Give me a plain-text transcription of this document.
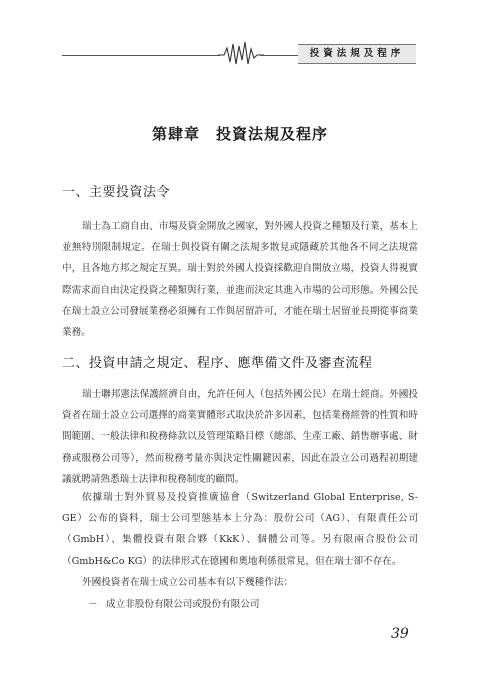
投資法規及程序
第肆章　投資法規及程序
一、主要投資法令

瑞士為工商自由、市場及資金開放之國家，對外國人投資之種類及行業，基本上並無特別限制規定。在瑞士與投資有關之法規多散見或隱藏於其他各不同之法規當中，且各地方邦之規定互異。瑞士對於外國人投資採歡迎自開放立場，投資人得視實際需求而自由決定投資之種類與行業，並進而決定其進入市場的公司形態。外國公民在瑞士設立公司發展業務必須擁有工作與居留許可，才能在瑞士居留並長期從事商業業務。

二、投資申請之規定、程序、應準備文件及審查流程

瑞士聯邦憲法保護經濟自由，允許任何人（包括外國公民）在瑞士經商。外國投資者在瑞士設立公司選擇的商業實體形式取決於許多因素，包括業務經營的性質和時間範圍、一般法律和稅務條款以及管理策略目標（總部、生產工廠、銷售辦事處、財務或服務公司等），然而稅務考量亦與決定性關鍵因素，因此在設立公司過程初期建議就聘請熟悉瑞士法律和稅務制度的顧問。

依據瑞士對外貿易及投資推廣協會（Switzerland Global Enterprise, S-GE）公布的資料，瑞士公司型態基本上分為：股份公司（AG）、有限責任公司（GmbH）、集體投資有限合夥（KkK）、個體公司等。另有限兩合股份公司（GmbH&Co KG）的法律形式在德國和奧地利係很常見，但在瑞士卻不存在。

外國投資者在瑞士成立公司基本有以下幾種作法：

－ 成立非股份有限公司或股份有限公司
39
